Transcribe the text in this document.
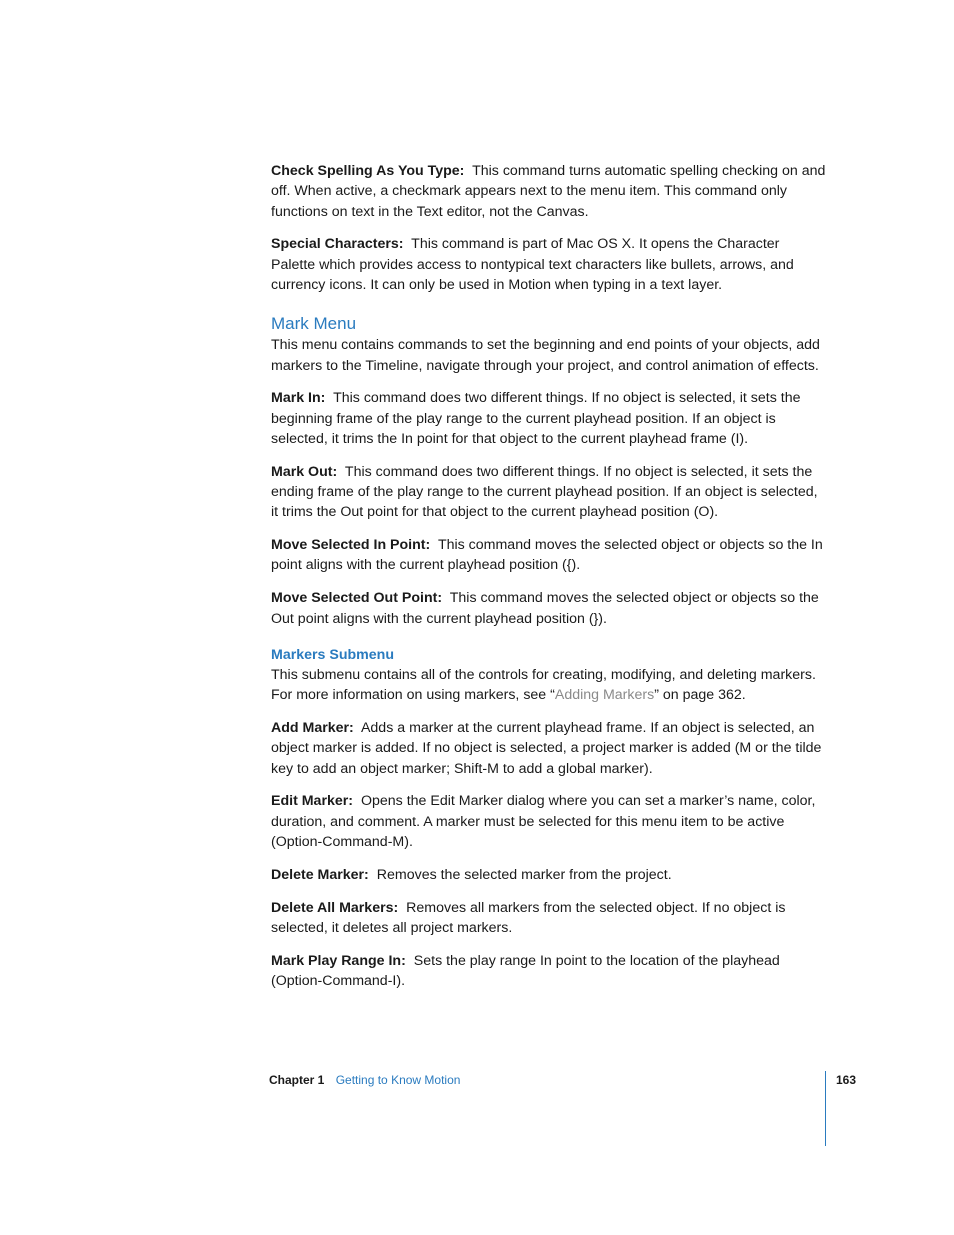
Check Spelling As You Type: This command turns automatic spelling checking on and off. When active, a checkmark appears next to the menu item. This command only functions on text in the Text editor, not the Canvas.

Special Characters: This command is part of Mac OS X. It opens the Character Palette which provides access to nontypical text characters like bullets, arrows, and currency icons. It can only be used in Motion when typing in a text layer.

Mark Menu

This menu contains commands to set the beginning and end points of your objects, add markers to the Timeline, navigate through your project, and control animation of effects.

Mark In: This command does two different things. If no object is selected, it sets the beginning frame of the play range to the current playhead position. If an object is selected, it trims the In point for that object to the current playhead frame (I).

Mark Out: This command does two different things. If no object is selected, it sets the ending frame of the play range to the current playhead position. If an object is selected, it trims the Out point for that object to the current playhead position (O).

Move Selected In Point: This command moves the selected object or objects so the In point aligns with the current playhead position ({).

Move Selected Out Point: This command moves the selected object or objects so the Out point aligns with the current playhead position (}).

Markers Submenu

This submenu contains all of the controls for creating, modifying, and deleting markers. For more information on using markers, see “Adding Markers” on page 362.

Add Marker: Adds a marker at the current playhead frame. If an object is selected, an object marker is added. If no object is selected, a project marker is added (M or the tilde key to add an object marker; Shift-M to add a global marker).

Edit Marker: Opens the Edit Marker dialog where you can set a marker’s name, color, duration, and comment. A marker must be selected for this menu item to be active (Option-Command-M).

Delete Marker: Removes the selected marker from the project.

Delete All Markers: Removes all markers from the selected object. If no object is selected, it deletes all project markers.

Mark Play Range In: Sets the play range In point to the location of the playhead (Option-Command-I).

Chapter 1 Getting to Know Motion	163
